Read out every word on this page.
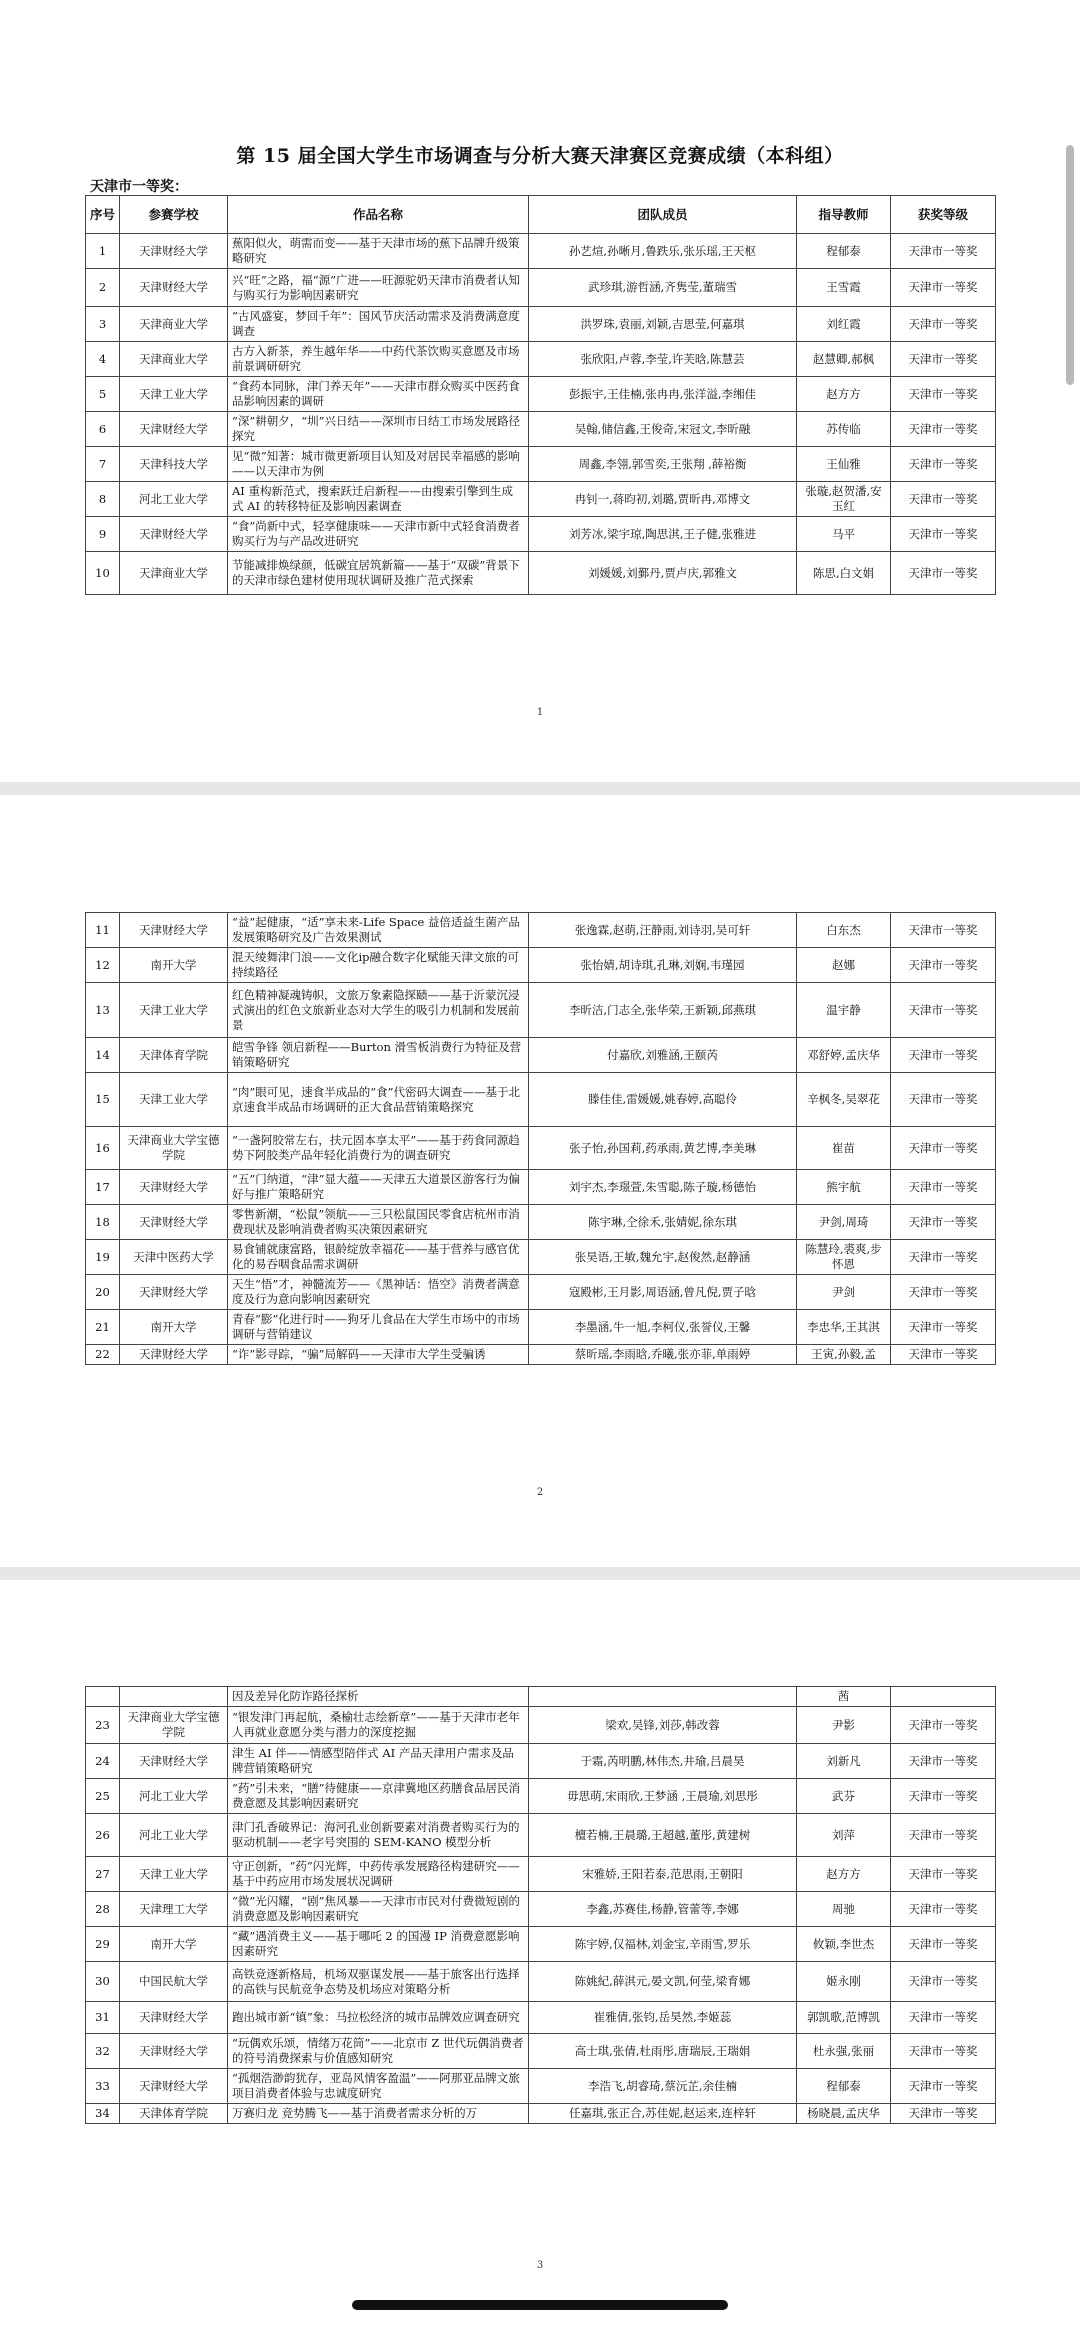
第 15 届全国大学生市场调查与分析大赛天津赛区竞赛成绩（本科组）
天津市一等奖：
序号	参赛学校	作品名称	团队成员	指导教师	获奖等级
1	天津财经大学	蕉阳似火，萌需而变——基于天津市场的蕉下品牌升级策略研究	孙艺煊,孙晰月,鲁跌乐,张乐瑶,王天枢	程郁泰	天津市一等奖
2	天津财经大学	兴“旺”之路，福“源”广进——旺源驼奶天津市消费者认知与购买行为影响因素研究	武珍琪,游哲涵,齐隽莹,董瑞雪	王雪霞	天津市一等奖
3	天津商业大学	“古风盛宴，梦回千年”：国风节庆活动需求及消费满意度调查	洪罗珠,袁丽,刘颖,吉思莹,何嘉琪	刘红霞	天津市一等奖
4	天津商业大学	古方入新茶，养生越年华——中药代茶饮购买意愿及市场前景调研研究	张欣阳,卢蓉,李莹,许芙晗,陈慧芸	赵慧卿,郝枫	天津市一等奖
5	天津工业大学	“食药本同脉，津门养天年”——天津市群众购买中医药食品影响因素的调研	彭振宇,王佳楠,张冉冉,张洋溢,李缃佳	赵方方	天津市一等奖
6	天津财经大学	“深”耕朝夕，“圳”兴日结——深圳市日结工市场发展路径探究	吴翰,储信鑫,王俊奇,宋冠文,李昕融	苏传临	天津市一等奖
7	天津科技大学	见“微”知著：城市微更新项目认知及对居民幸福感的影响——以天津市为例	周鑫,李翎,郭雪奕,王张翔 ,薛裕衡	王仙雅	天津市一等奖
8	河北工业大学	AI 重构新范式，搜索跃迁启新程——由搜索引擎到生成式 AI 的转移特征及影响因素调查	冉钊一,蒋昀初,刘璐,贾昕冉,邓博文	张璇,赵贺潘,安玉红	天津市一等奖
9	天津财经大学	“食”尚新中式，轻享健康味——天津市新中式轻食消费者购买行为与产品改进研究	刘芳冰,梁宇琼,陶思淇,王子健,张雅进	马平	天津市一等奖
10	天津商业大学	节能减排焕绿颜，低碳宜居筑新篇——基于“双碳”背景下的天津市绿色建材使用现状调研及推广范式探索	刘媛媛,刘鄞丹,贾卢庆,郭雅文	陈思,白文娟	天津市一等奖
1
11	天津财经大学	“益”起健康，“适”享未来-Life Space 益倍适益生菌产品发展策略研究及广告效果测试	张逸霖,赵萌,汪静雨,刘诗羽,吴可轩	白东杰	天津市一等奖
12	南开大学	混天绫舞津门浪——文化ip融合数字化赋能天津文旅的可持续路径	张怡婧,胡诗琪,孔琳,刘娴,韦瑾园	赵娜	天津市一等奖
13	天津工业大学	红色精神凝魂铸帜，文旅万象素隐探赜——基于沂蒙沉浸式演出的红色文旅新业态对大学生的吸引力机制和发展前景	李昕洁,门志全,张华荣,王新颖,邱燕琪	温宇静	天津市一等奖
14	天津体育学院	皑雪争锋 领启新程——Burton 滑雪板消费行为特征及营销策略研究	付嘉欣,刘雅涵,王颐芮	邓舒婷,孟庆华	天津市一等奖
15	天津工业大学	“肉”眼可见，速食半成品的“食”代密码大调查——基于北京速食半成品市场调研的正大食品营销策略探究	滕佳佳,雷媛媛,姚春婷,高聪伶	辛枫冬,吴翠花	天津市一等奖
16	天津商业大学宝德学院	“一盏阿胶常左右，扶元固本享太平”——基于药食同源趋势下阿胶类产品年轻化消费行为的调查研究	张子怡,孙国莉,药承雨,黄艺博,李美琳	崔苗	天津市一等奖
17	天津财经大学	“五”门纳道，“津”显大蕴——天津五大道景区游客行为偏好与推广策略研究	刘宇杰,李璟萱,朱雪聪,陈子璇,杨德怡	熊宇航	天津市一等奖
18	天津财经大学	零售新潮，“松鼠”领航——三只松鼠国民零食店杭州市消费现状及影响消费者购买决策因素研究	陈宇琳,仝徐禾,张婧妮,徐东琪	尹剑,周琦	天津市一等奖
19	天津中医药大学	易食铺就康富路，银龄绽放幸福花——基于营养与感官优化的易吞咽食品需求调研	张昊语,王敏,魏允宇,赵俊然,赵静涵	陈慧玲,裘爽,步怀恩	天津市一等奖
20	天津财经大学	天生“悟”才，神髓流芳——《黑神话：悟空》消费者满意度及行为意向影响因素研究	寇殿彬,王月影,周语涵,曾凡倪,贾子晗	尹剑	天津市一等奖
21	南开大学	青春“膨”化进行时——狗牙儿食品在大学生市场中的市场调研与营销建议	李墨涵,牛一旭,李柯仪,张誉仪,王馨	李忠华,王其淇	天津市一等奖
22	天津财经大学	“诈”影寻踪，“骗”局解码——天津市大学生受骗诱	蔡昕瑶,李雨晗,乔曦,张亦菲,单雨婷	王寅,孙毅,孟	天津市一等奖
2
		因及差异化防诈路径探析		茜	
23	天津商业大学宝德学院	“银发津门再起航，桑榆壮志绘新章”——基于天津市老年人再就业意愿分类与潜力的深度挖掘	梁欢,吴锋,刘莎,韩改蓉	尹影	天津市一等奖
24	天津财经大学	津生 AI 伴——情感型陪伴式 AI 产品天津用户需求及品牌营销策略研究	于霜,芮明鹏,林伟杰,井瑜,吕晨昊	刘新凡	天津市一等奖
25	河北工业大学	“药”引未来，“膳”待健康——京津冀地区药膳食品居民消费意愿及其影响因素研究	毋思萌,宋雨欣,王梦涵 ,王晨瑜,刘思彤	武芬	天津市一等奖
26	河北工业大学	津门孔香破界记：海河孔业创新要素对消费者购买行为的驱动机制——老字号突围的 SEM-KANO 模型分析	檀若楠,王晨璐,王超越,董彤,黄建树	刘萍	天津市一等奖
27	天津工业大学	守正创新，“药”闪光辉，中药传承发展路径构建研究——基于中药应用市场发展状况调研	宋雅娇,王阳若泰,范思雨,王朝阳	赵方方	天津市一等奖
28	天津理工大学	“微”光闪耀，“剧”焦风暴——天津市市民对付费微短剧的消费意愿及影响因素研究	李鑫,苏赛佳,杨静,管蕾等,李娜	周驰	天津市一等奖
29	南开大学	“藏”遇消费主义——基于哪吒 2 的国漫 IP 消费意愿影响因素研究	陈宇婷,仅福林,刘金宝,辛雨雪,罗乐	攸颖,李世杰	天津市一等奖
30	中国民航大学	高铁竞逐新格局，机场双驱谋发展——基于旅客出行选择的高铁与民航竞争态势及机场应对策略分析	陈姚紀,薛淇元,晏文凯,何莹,梁育娜	姬永刚	天津市一等奖
31	天津财经大学	跑出城市新“镇”象：马拉松经济的城市品牌效应调查研究	崔雅倩,张钧,岳昊然,李姬蕊	郭凯歌,范博凯	天津市一等奖
32	天津财经大学	“玩偶欢乐颂，情绪万花筒”——北京市 Z 世代玩偶消费者的符号消费探索与价值感知研究	高士琪,张倩,杜雨彤,唐瑞辰,王瑞娟	杜永强,张丽	天津市一等奖
33	天津财经大学	“孤烟浩渺韵犹存，亚岛风情客盈温”——阿那亚品牌文旅项目消费者体验与忠诚度研究	李浩飞,胡睿琦,蔡沅芷,余佳楠	程郁泰	天津市一等奖
34	天津体育学院	万赛归龙 竞势腾飞——基于消费者需求分析的万	任嘉琪,张正合,苏佳妮,赵运来,连梓轩	杨晓晨,孟庆华	天津市一等奖
3
